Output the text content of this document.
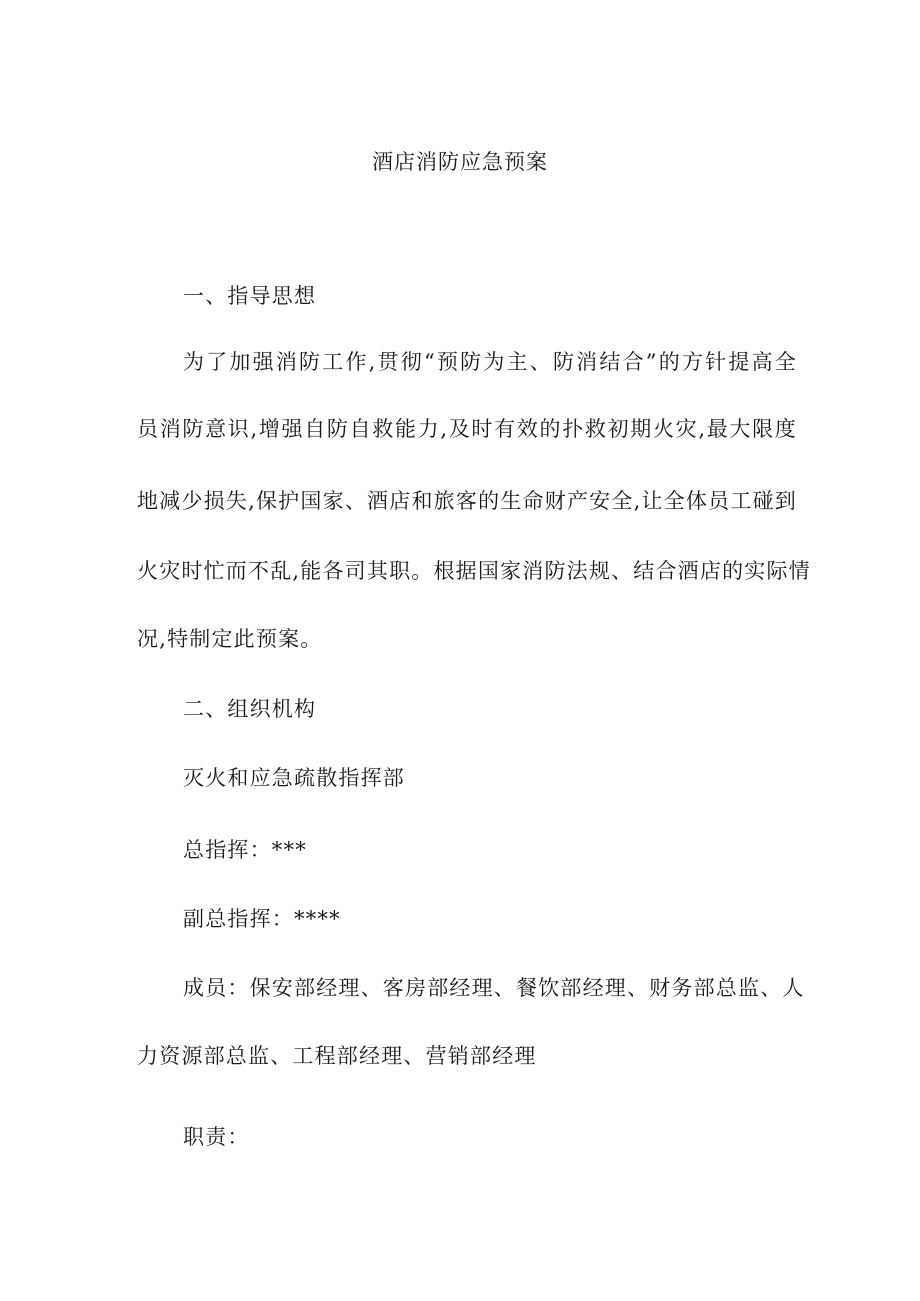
酒店消防应急预案
一、指导思想
为了加强消防工作,贯彻“预防为主、防消结合”的方针提高全
员消防意识,增强自防自救能力,及时有效的扑救初期火灾,最大限度
地减少损失,保护国家、酒店和旅客的生命财产安全,让全体员工碰到
火灾时忙而不乱,能各司其职。根据国家消防法规、结合酒店的实际情
况,特制定此预案。
二、组织机构
灭火和应急疏散指挥部
总指挥：***
副总指挥：****
成员：保安部经理、客房部经理、餐饮部经理、财务部总监、人
力资源部总监、工程部经理、营销部经理
职责：
